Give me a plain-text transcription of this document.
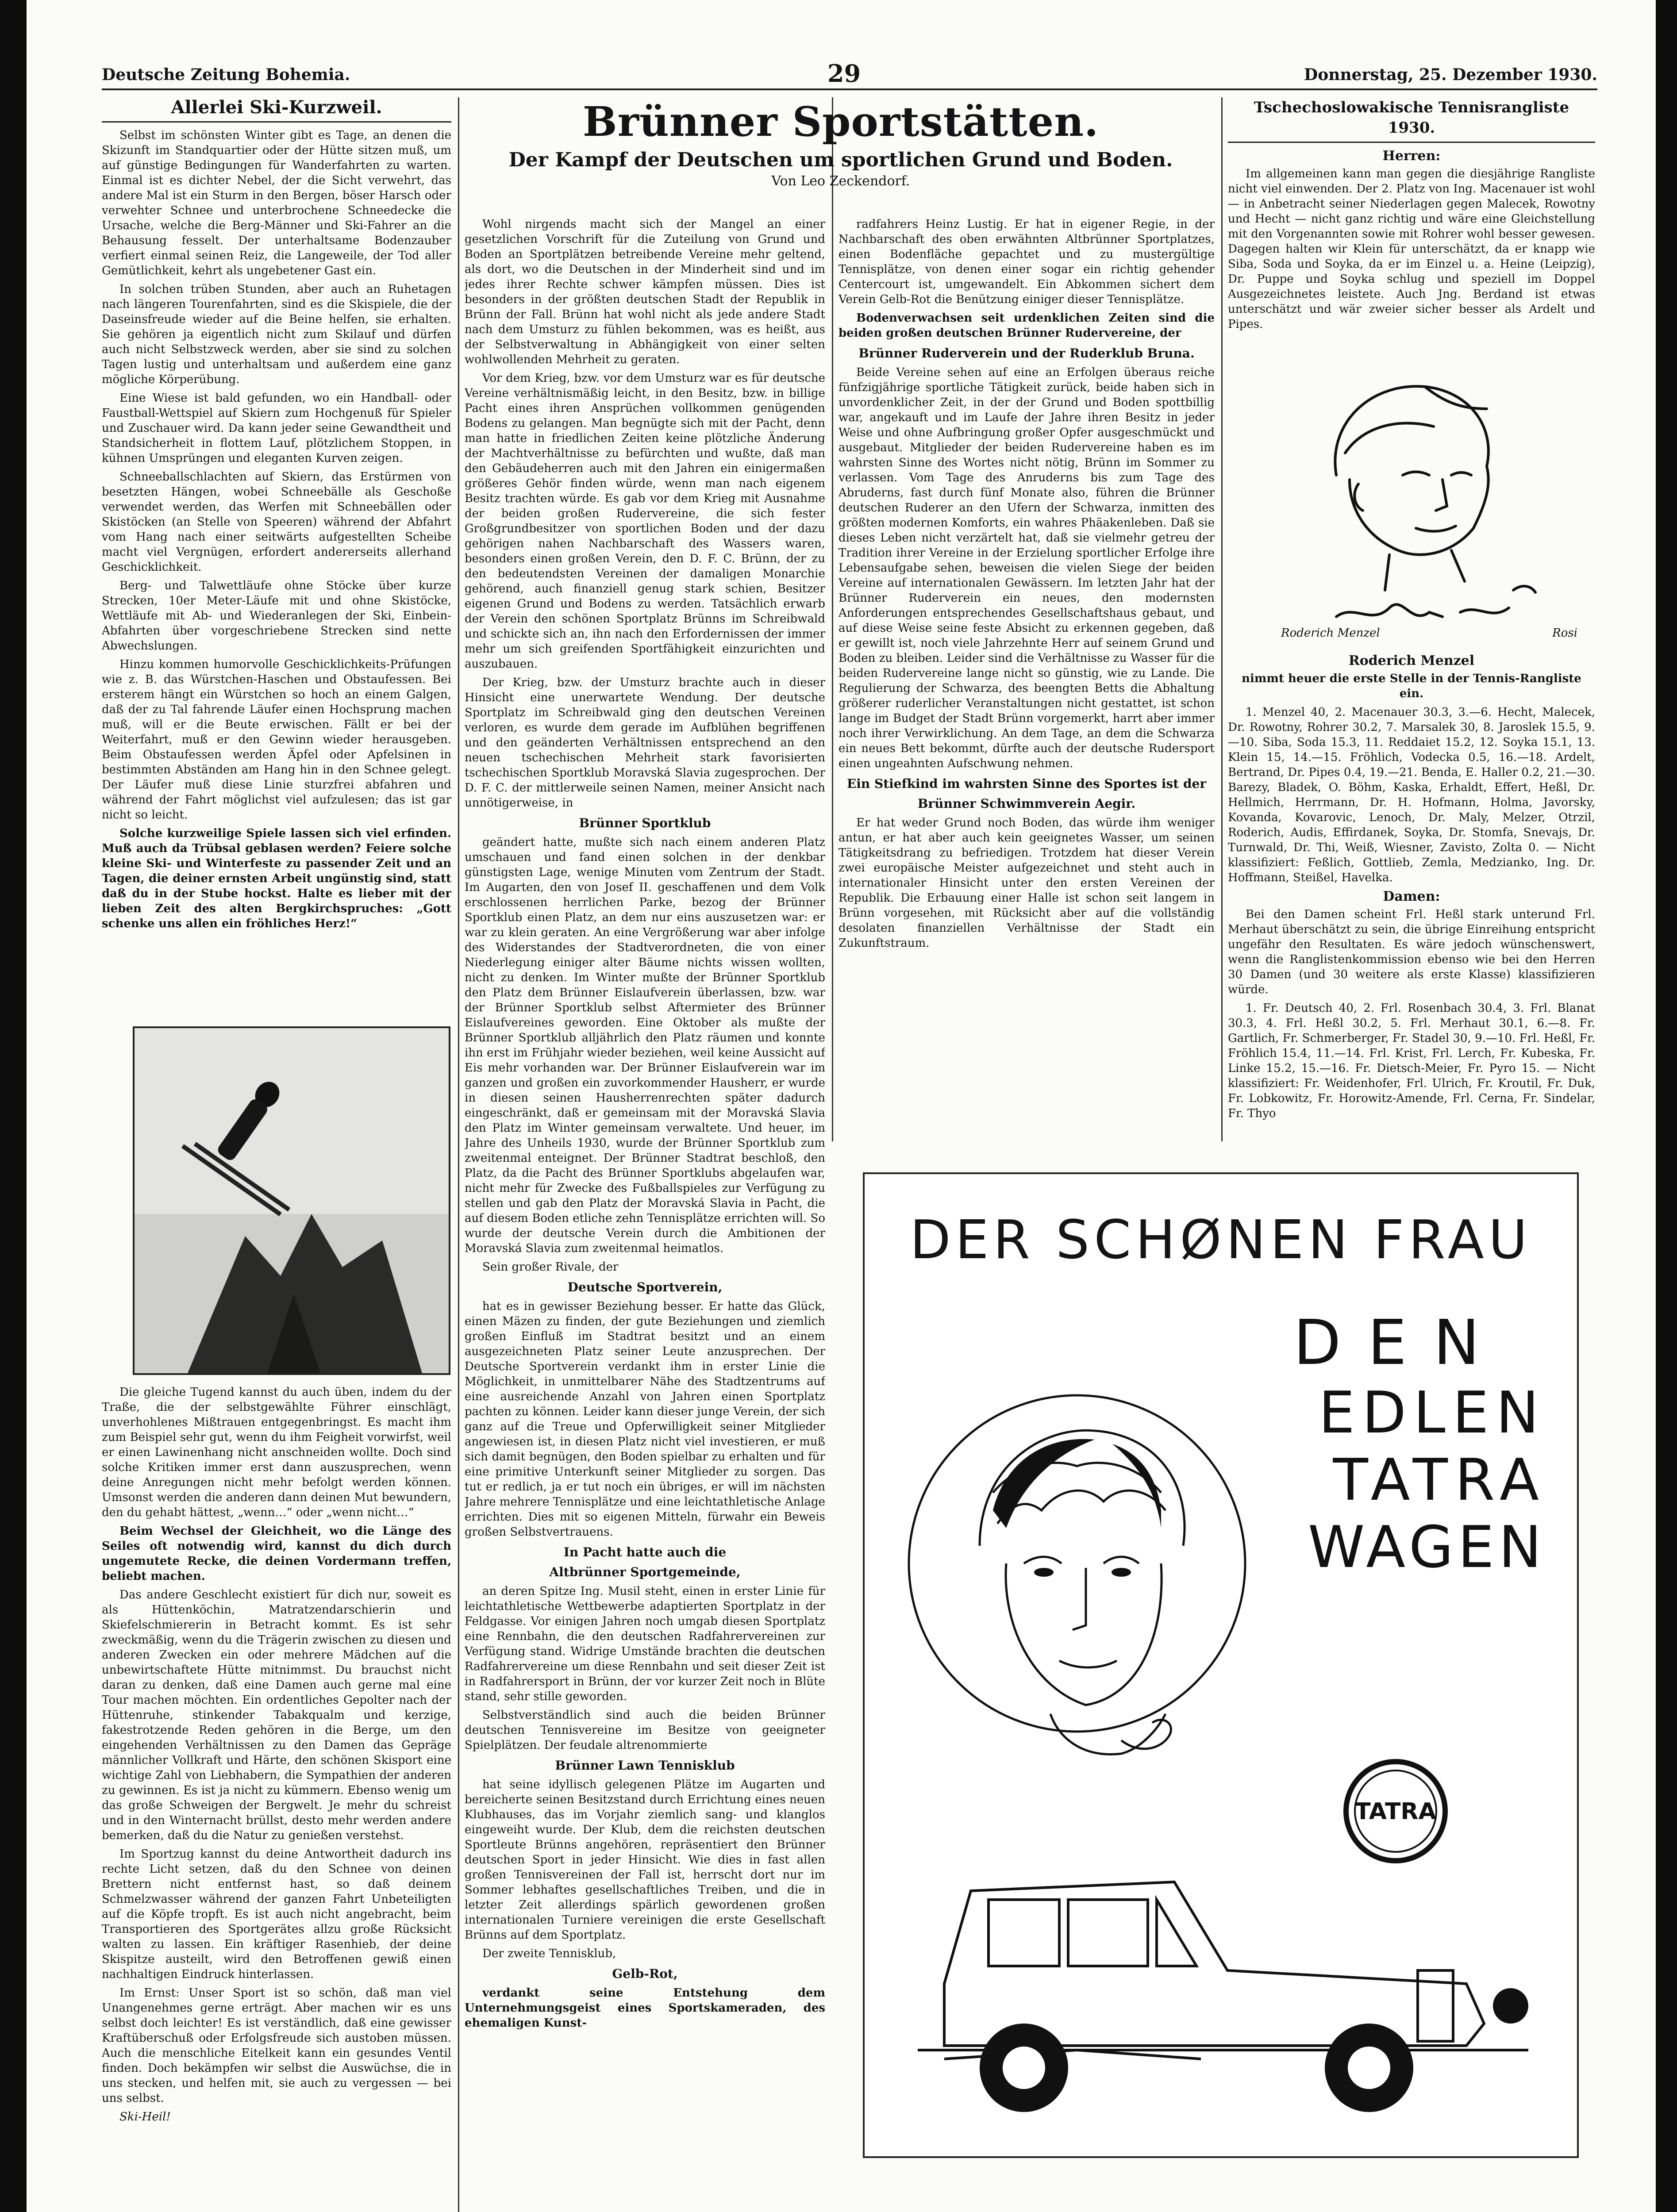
Deutsche Zeitung Bohemia.	29	Donnerstag, 25. Dezember 1930.
Allerlei Ski-Kurzweil.

Selbst im schönsten Winter gibt es Tage, an denen die Skizunft im Standquartier oder der Hütte sitzen muß, um auf günstige Bedingungen für Wanderfahrten zu warten. Einmal ist es dichter Nebel, der die Sicht verwehrt, das andere Mal ist ein Sturm in den Bergen, böser Harsch oder verwehter Schnee und unterbrochene Schneedecke die Ursache, welche die Berg-Männer und Ski-Fahrer an die Behausung fesselt. Der unterhaltsame Bodenzauber verfiert einmal seinen Reiz, die Langeweile, der Tod aller Gemütlichkeit, kehrt als ungebetener Gast ein.

In solchen trüben Stunden, aber auch an Ruhetagen nach längeren Tourenfahrten, sind es die Skispiele, die der Daseinsfreude wieder auf die Beine helfen, sie erhalten. Sie gehören ja eigentlich nicht zum Skilauf und dürfen auch nicht Selbstzweck werden, aber sie sind zu solchen Tagen lustig und unterhaltsam und außerdem eine ganz mögliche Körperübung.

Eine Wiese ist bald gefunden, wo ein Handball- oder Faustball-Wettspiel auf Skiern zum Hochgenuß für Spieler und Zuschauer wird. Da kann jeder seine Gewandtheit und Standsicherheit in flottem Lauf, plötzlichem Stoppen, in kühnen Umsprüngen und eleganten Kurven zeigen.

Schneeballschlachten auf Skiern, das Erstürmen von besetzten Hängen, wobei Schneebälle als Geschoße verwendet werden, das Werfen mit Schneebällen oder Skistöcken (an Stelle von Speeren) während der Abfahrt vom Hang nach einer seitwärts aufgestellten Scheibe macht viel Vergnügen, erfordert andererseits allerhand Geschicklichkeit.

Berg- und Talwettläufe ohne Stöcke über kurze Strecken, 10er Meter-Läufe mit und ohne Skistöcke, Wettläufe mit Ab- und Wiederanlegen der Ski, Einbein-Abfahrten über vorgeschriebene Strecken sind nette Abwechslungen.

Hinzu kommen humorvolle Geschicklichkeits-Prüfungen wie z. B. das Würstchen-Haschen und Obstaufessen. Bei ersterem hängt ein Würstchen so hoch an einem Galgen, daß der zu Tal fahrende Läufer einen Hochsprung machen muß, will er die Beute erwischen. Fällt er bei der Weiterfahrt, muß er den Gewinn wieder herausgeben. Beim Obstaufessen werden Äpfel oder Apfelsinen in bestimmten Abständen am Hang hin in den Schnee gelegt. Der Läufer muß diese Linie sturzfrei abfahren und während der Fahrt möglichst viel aufzulesen; das ist gar nicht so leicht.

Solche kurzweilige Spiele lassen sich viel erfinden. Muß auch da Trübsal geblasen werden? Feiere solche kleine Ski- und Winterfeste zu passender Zeit und an Tagen, die deiner ernsten Arbeit ungünstig sind, statt daß du in der Stube hockst. Halte es lieber mit der lieben Zeit des alten Bergkirchspruches: „Gott schenke uns allen ein fröhliches Herz!“

Die gleiche Tugend kannst du auch üben, indem du der Traße, die der selbstgewählte Führer einschlägt, unverhohlenes Mißtrauen entgegenbringst. Es macht ihm zum Beispiel sehr gut, wenn du ihm Feigheit vorwirfst, weil er einen Lawinenhang nicht anschneiden wollte. Doch sind solche Kritiken immer erst dann auszusprechen, wenn deine Anregungen nicht mehr befolgt werden können. Umsonst werden die anderen dann deinen Mut bewundern, den du gehabt hättest, „wenn…“ oder „wenn nicht…“

Beim Wechsel der Gleichheit, wo die Länge des Seiles oft notwendig wird, kannst du dich durch ungemutete Recke, die deinen Vordermann treffen, beliebt machen.

Das andere Geschlecht existiert für dich nur, soweit es als Hüttenköchin, Matratzendarschierin und Skiefelschmiererin in Betracht kommt. Es ist sehr zweckmäßig, wenn du die Trägerin zwischen zu diesen und anderen Zwecken ein oder mehrere Mädchen auf die unbewirtschaftete Hütte mitnimmst. Du brauchst nicht daran zu denken, daß eine Damen auch gerne mal eine Tour machen möchten. Ein ordentliches Gepolter nach der Hüttenruhe, stinkender Tabakqualm und kerzige, fakestrotzende Reden gehören in die Berge, um den eingehenden Verhältnissen zu den Damen das Gepräge männlicher Vollkraft und Härte, den schönen Skisport eine wichtige Zahl von Liebhabern, die Sympathien der anderen zu gewinnen. Es ist ja nicht zu kümmern. Ebenso wenig um das große Schweigen der Bergwelt. Je mehr du schreist und in den Winternacht brüllst, desto mehr werden andere bemerken, daß du die Natur zu genießen verstehst.

Im Sportzug kannst du deine Antwortheit dadurch ins rechte Licht setzen, daß du den Schnee von deinen Brettern nicht entfernst hast, so daß deinem Schmelzwasser während der ganzen Fahrt Unbeteiligten auf die Köpfe tropft. Es ist auch nicht angebracht, beim Transportieren des Sportgerätes allzu große Rücksicht walten zu lassen. Ein kräftiger Rasenhieb, der deine Skispitze austeilt, wird den Betroffenen gewiß einen nachhaltigen Eindruck hinterlassen.

Im Ernst: Unser Sport ist so schön, daß man viel Unangenehmes gerne erträgt. Aber machen wir es uns selbst doch leichter! Es ist verständlich, daß eine gewisser Kraftüberschuß oder Erfolgsfreude sich austoben müssen. Auch die menschliche Eitelkeit kann ein gesundes Ventil finden. Doch bekämpfen wir selbst die Auswüchse, die in uns stecken, und helfen mit, sie auch zu vergessen — bei uns selbst.

Ski-Heil!

Brünner Sportstätten.
Der Kampf der Deutschen um sportlichen Grund und Boden.
Von Leo Zeckendorf.

Wohl nirgends macht sich der Mangel an einer gesetzlichen Vorschrift für die Zuteilung von Grund und Boden an Sportplätzen betreibende Vereine mehr geltend, als dort, wo die Deutschen in der Minderheit sind und im jedes ihrer Rechte schwer kämpfen müssen. Dies ist besonders in der größten deutschen Stadt der Republik in Brünn der Fall. Brünn hat wohl nicht als jede andere Stadt nach dem Umsturz zu fühlen bekommen, was es heißt, aus der Selbstverwaltung in Abhängigkeit von einer selten wohlwollenden Mehrheit zu geraten.

Vor dem Krieg, bzw. vor dem Umsturz war es für deutsche Vereine verhältnismäßig leicht, in den Besitz, bzw. in billige Pacht eines ihren Ansprüchen vollkommen genügenden Bodens zu gelangen. Man begnügte sich mit der Pacht, denn man hatte in friedlichen Zeiten keine plötzliche Änderung der Machtverhältnisse zu befürchten und wußte, daß man den Gebäudeherren auch mit den Jahren ein einigermaßen größeres Gehör finden würde, wenn man nach eigenem Besitz trachten würde. Es gab vor dem Krieg mit Ausnahme der beiden großen Rudervereine, die sich fester Großgrundbesitzer von sportlichen Boden und der dazu gehörigen nahen Nachbarschaft des Wassers waren, besonders einen großen Verein, den D. F. C. Brünn, der zu den bedeutendsten Vereinen der damaligen Monarchie gehörend, auch finanziell genug stark schien, Besitzer eigenen Grund und Bodens zu werden. Tatsächlich erwarb der Verein den schönen Sportplatz Brünns im Schreibwald und schickte sich an, ihn nach den Erfordernissen der immer mehr um sich greifenden Sportfähigkeit einzurichten und auszubauen.

Der Krieg, bzw. der Umsturz brachte auch in dieser Hinsicht eine unerwartete Wendung. Der deutsche Sportplatz im Schreibwald ging den deutschen Vereinen verloren, es wurde dem gerade im Aufblühen begriffenen und den geänderten Verhältnissen entsprechend an den neuen tschechischen Mehrheit stark favorisierten tschechischen Sportklub Moravská Slavia zugesprochen. Der D. F. C. der mittlerweile seinen Namen, meiner Ansicht nach unnötigerweise, in

Brünner Sportklub

geändert hatte, mußte sich nach einem anderen Platz umschauen und fand einen solchen in der denkbar günstigsten Lage, wenige Minuten vom Zentrum der Stadt. Im Augarten, den von Josef II. geschaffenen und dem Volk erschlossenen herrlichen Parke, bezog der Brünner Sportklub einen Platz, an dem nur eins auszusetzen war: er war zu klein geraten. An eine Vergrößerung war aber infolge des Widerstandes der Stadtverordneten, die von einer Niederlegung einiger alter Bäume nichts wissen wollten, nicht zu denken. Im Winter mußte der Brünner Sportklub den Platz dem Brünner Eislaufverein überlassen, bzw. war der Brünner Sportklub selbst Aftermieter des Brünner Eislaufvereines geworden. Eine Oktober als mußte der Brünner Sportklub alljährlich den Platz räumen und konnte ihn erst im Frühjahr wieder beziehen, weil keine Aussicht auf Eis mehr vorhanden war. Der Brünner Eislaufverein war im ganzen und großen ein zuvorkommender Hausherr, er wurde in diesen seinen Hausherrenrechten später dadurch eingeschränkt, daß er gemeinsam mit der Moravská Slavia den Platz im Winter gemeinsam verwaltete. Und heuer, im Jahre des Unheils 1930, wurde der Brünner Sportklub zum zweitenmal enteignet. Der Brünner Stadtrat beschloß, den Platz, da die Pacht des Brünner Sportklubs abgelaufen war, nicht mehr für Zwecke des Fußballspieles zur Verfügung zu stellen und gab den Platz der Moravská Slavia in Pacht, die auf diesem Boden etliche zehn Tennisplätze errichten will. So wurde der deutsche Verein durch die Ambitionen der Moravská Slavia zum zweitenmal heimatlos.

Sein großer Rivale, der

Deutsche Sportverein,

hat es in gewisser Beziehung besser. Er hatte das Glück, einen Mäzen zu finden, der gute Beziehungen und ziemlich großen Einfluß im Stadtrat besitzt und an einem ausgezeichneten Platz seiner Leute anzusprechen. Der Deutsche Sportverein verdankt ihm in erster Linie die Möglichkeit, in unmittelbarer Nähe des Stadtzentrums auf eine ausreichende Anzahl von Jahren einen Sportplatz pachten zu können. Leider kann dieser junge Verein, der sich ganz auf die Treue und Opferwilligkeit seiner Mitglieder angewiesen ist, in diesen Platz nicht viel investieren, er muß sich damit begnügen, den Boden spielbar zu erhalten und für eine primitive Unterkunft seiner Mitglieder zu sorgen. Das tut er redlich, ja er tut noch ein übriges, er will im nächsten Jahre mehrere Tennisplätze und eine leichtathletische Anlage errichten. Dies mit so eigenen Mitteln, fürwahr ein Beweis großen Selbstvertrauens.

In Pacht hatte auch die
Altbrünner Sportgemeinde,

an deren Spitze Ing. Musil steht, einen in erster Linie für leichtathletische Wettbewerbe adaptierten Sportplatz in der Feldgasse. Vor einigen Jahren noch umgab diesen Sportplatz eine Rennbahn, die den deutschen Radfahrervereinen zur Verfügung stand. Widrige Umstände brachten die deutschen Radfahrervereine um diese Rennbahn und seit dieser Zeit ist in Radfahrersport in Brünn, der vor kurzer Zeit noch in Blüte stand, sehr stille geworden.

Selbstverständlich sind auch die beiden Brünner deutschen Tennisvereine im Besitze von geeigneter Spielplätzen. Der feudale altrenommierte

Brünner Lawn Tennisklub

hat seine idyllisch gelegenen Plätze im Augarten und bereicherte seinen Besitzstand durch Errichtung eines neuen Klubhauses, das im Vorjahr ziemlich sang- und klanglos eingeweiht wurde. Der Klub, dem die reichsten deutschen Sportleute Brünns angehören, repräsentiert den Brünner deutschen Sport in jeder Hinsicht. Wie dies in fast allen großen Tennisvereinen der Fall ist, herrscht dort nur im Sommer lebhaftes gesellschaftliches Treiben, und die in letzter Zeit allerdings spärlich gewordenen großen internationalen Turniere vereinigen die erste Gesellschaft Brünns auf dem Sportplatz.

Der zweite Tennisklub,

Gelb-Rot,

verdankt seine Entstehung dem Unternehmungsgeist eines Sportskameraden, des ehemaligen Kunst-

radfahrers Heinz Lustig. Er hat in eigener Regie, in der Nachbarschaft des oben erwähnten Altbrünner Sportplatzes, einen Bodenfläche gepachtet und zu mustergültige Tennisplätze, von denen einer sogar ein richtig gehender Centercourt ist, umgewandelt. Ein Abkommen sichert dem Verein Gelb-Rot die Benützung einiger dieser Tennisplätze.

Bodenverwachsen seit urdenklichen Zeiten sind die beiden großen deutschen Brünner Rudervereine, der

Brünner Ruderverein und der Ruderklub Bruna.

Beide Vereine sehen auf eine an Erfolgen überaus reiche fünfzigjährige sportliche Tätigkeit zurück, beide haben sich in unvordenklicher Zeit, in der der Grund und Boden spottbillig war, angekauft und im Laufe der Jahre ihren Besitz in jeder Weise und ohne Aufbringung großer Opfer ausgeschmückt und ausgebaut. Mitglieder der beiden Rudervereine haben es im wahrsten Sinne des Wortes nicht nötig, Brünn im Sommer zu verlassen. Vom Tage des Anruderns bis zum Tage des Abruderns, fast durch fünf Monate also, führen die Brünner deutschen Ruderer an den Ufern der Schwarza, inmitten des größten modernen Komforts, ein wahres Phäakenleben. Daß sie dieses Leben nicht verzärtelt hat, daß sie vielmehr getreu der Tradition ihrer Vereine in der Erzielung sportlicher Erfolge ihre Lebensaufgabe sehen, beweisen die vielen Siege der beiden Vereine auf internationalen Gewässern. Im letzten Jahr hat der Brünner Ruderverein ein neues, den modernsten Anforderungen entsprechendes Gesellschaftshaus gebaut, und auf diese Weise seine feste Absicht zu erkennen gegeben, daß er gewillt ist, noch viele Jahrzehnte Herr auf seinem Grund und Boden zu bleiben. Leider sind die Verhältnisse zu Wasser für die beiden Rudervereine lange nicht so günstig, wie zu Lande. Die Regulierung der Schwarza, des beengten Betts die Abhaltung größerer ruderlicher Veranstaltungen nicht gestattet, ist schon lange im Budget der Stadt Brünn vorgemerkt, harrt aber immer noch ihrer Verwirklichung. An dem Tage, an dem die Schwarza ein neues Bett bekommt, dürfte auch der deutsche Rudersport einen ungeahnten Aufschwung nehmen.

Ein Stiefkind im wahrsten Sinne des Sportes ist der
Brünner Schwimmverein Aegir.

Er hat weder Grund noch Boden, das würde ihm weniger antun, er hat aber auch kein geeignetes Wasser, um seinen Tätigkeitsdrang zu befriedigen. Trotzdem hat dieser Verein zwei europäische Meister aufgezeichnet und steht auch in internationaler Hinsicht unter den ersten Vereinen der Republik. Die Erbauung einer Halle ist schon seit langem in Brünn vorgesehen, mit Rücksicht aber auf die vollständig desolaten finanziellen Verhältnisse der Stadt ein Zukunftstraum.

Tschechoslowakische Tennisrangliste 1930.
Herren:

Im allgemeinen kann man gegen die diesjährige Rangliste nicht viel einwenden. Der 2. Platz von Ing. Macenauer ist wohl — in Anbetracht seiner Niederlagen gegen Malecek, Rowotny und Hecht — nicht ganz richtig und wäre eine Gleichstellung mit den Vorgenannten sowie mit Rohrer wohl besser gewesen. Dagegen halten wir Klein für unterschätzt, da er knapp wie Siba, Soda und Soyka, da er im Einzel u. a. Heine (Leipzig), Dr. Puppe und Soyka schlug und speziell im Doppel Ausgezeichnetes leistete. Auch Jng. Berdand ist etwas unterschätzt und wär zweier sicher besser als Ardelt und Pipes.

Roderich Menzel	Rosi
Roderich Menzel

nimmt heuer die erste Stelle in der Tennis-Rangliste ein.

1. Menzel 40, 2. Macenauer 30.3, 3.—6. Hecht, Malecek, Dr. Rowotny, Rohrer 30.2, 7. Marsalek 30, 8. Jaroslek 15.5, 9.—10. Siba, Soda 15.3, 11. Reddaiet 15.2, 12. Soyka 15.1, 13. Klein 15, 14.—15. Fröhlich, Vodecka 0.5, 16.—18. Ardelt, Bertrand, Dr. Pipes 0.4, 19.—21. Benda, E. Haller 0.2, 21.—30. Barezy, Bladek, O. Böhm, Kaska, Erhaldt, Effert, Heßl, Dr. Hellmich, Herrmann, Dr. H. Hofmann, Holma, Javorsky, Kovanda, Kovarovic, Lenoch, Dr. Maly, Melzer, Otrzil, Roderich, Audis, Effirdanek, Soyka, Dr. Stomfa, Snevajs, Dr. Turnwald, Dr. Thi, Weiß, Wiesner, Zavisto, Zolta 0. — Nicht klassifiziert: Feßlich, Gottlieb, Zemla, Medzianko, Ing. Dr. Hoffmann, Steißel, Havelka.

Damen:

Bei den Damen scheint Frl. Heßl stark unterund Frl. Merhaut überschätzt zu sein, die übrige Einreihung entspricht ungefähr den Resultaten. Es wäre jedoch wünschenswert, wenn die Ranglistenkommission ebenso wie bei den Herren 30 Damen (und 30 weitere als erste Klasse) klassifizieren würde.

1. Fr. Deutsch 40, 2. Frl. Rosenbach 30.4, 3. Frl. Blanat 30.3, 4. Frl. Heßl 30.2, 5. Frl. Merhaut 30.1, 6.—8. Fr. Gartlich, Fr. Schmerberger, Fr. Stadel 30, 9.—10. Frl. Heßl, Fr. Fröhlich 15.4, 11.—14. Frl. Krist, Frl. Lerch, Fr. Kubeska, Fr. Linke 15.2, 15.—16. Fr. Dietsch-Meier, Fr. Pyro 15. — Nicht klassifiziert: Fr. Weidenhofer, Frl. Ulrich, Fr. Kroutil, Fr. Duk, Fr. Lobkowitz, Fr. Horowitz-Amende, Frl. Cerna, Fr. Sindelar, Fr. Thyo

DER SCHØNEN FRAU
DEN
EDLEN
TATRA
WAGEN
TATRA
